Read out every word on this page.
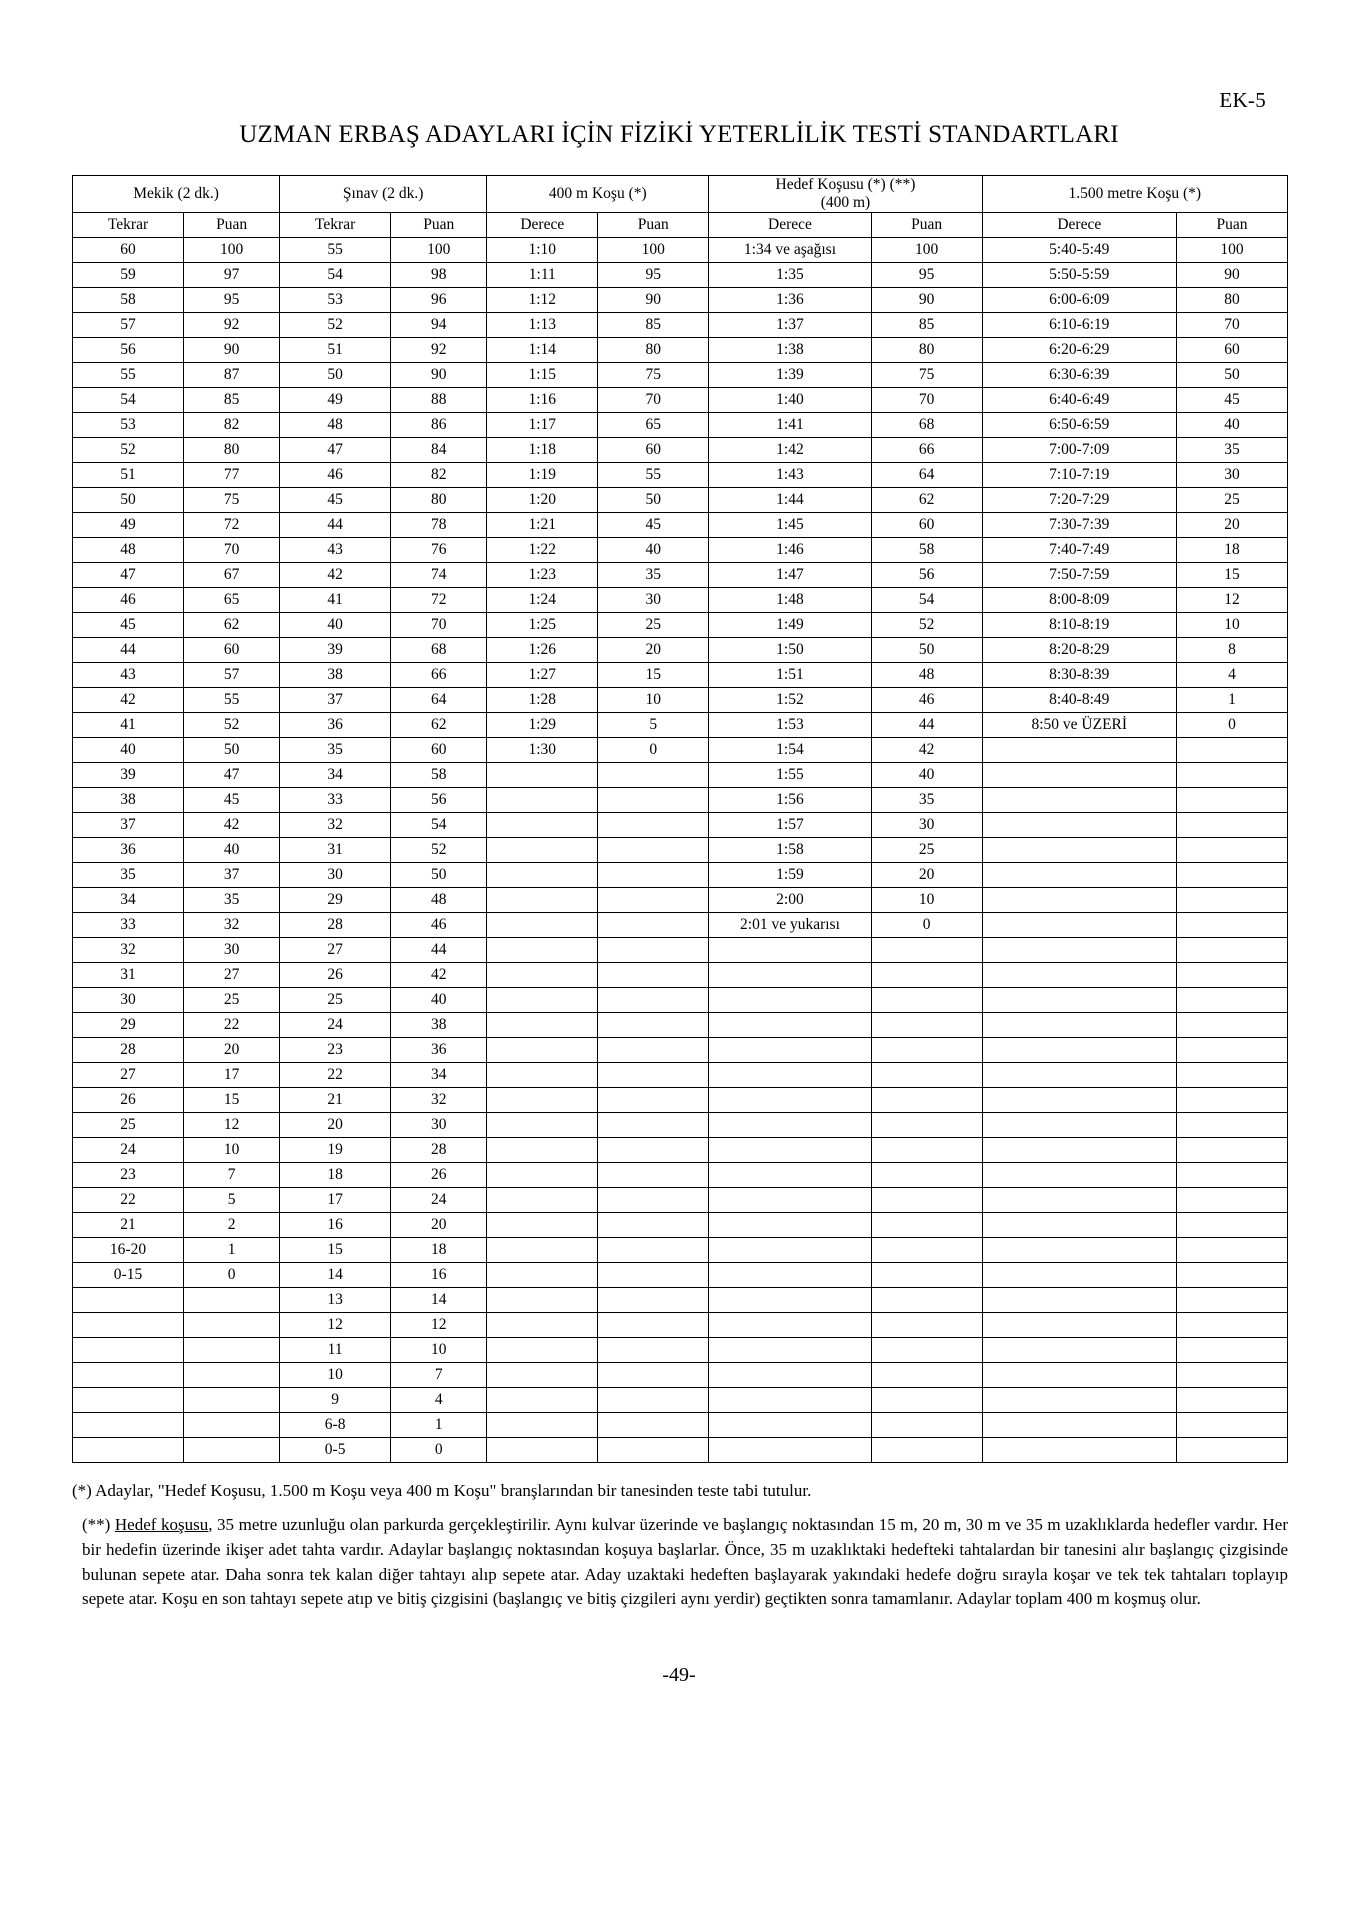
EK-5
UZMAN ERBAŞ ADAYLARI İÇİN FİZİKİ YETERLİLİK TESTİ STANDARTLARI
Mekik (2 dk.)		Şınav (2 dk.)		400 m Koşu (*)		Hedef Koşusu (*) (**)
(400 m)		1.500 metre Koşu (*)	
Tekrar	Puan	Tekrar	Puan	Derece	Puan	Derece	Puan	Derece	Puan
60	100	55	100	1:10	100	1:34 ve aşağısı	100	5:40-5:49	100
59	97	54	98	1:11	95	1:35	95	5:50-5:59	90
58	95	53	96	1:12	90	1:36	90	6:00-6:09	80
57	92	52	94	1:13	85	1:37	85	6:10-6:19	70
56	90	51	92	1:14	80	1:38	80	6:20-6:29	60
55	87	50	90	1:15	75	1:39	75	6:30-6:39	50
54	85	49	88	1:16	70	1:40	70	6:40-6:49	45
53	82	48	86	1:17	65	1:41	68	6:50-6:59	40
52	80	47	84	1:18	60	1:42	66	7:00-7:09	35
51	77	46	82	1:19	55	1:43	64	7:10-7:19	30
50	75	45	80	1:20	50	1:44	62	7:20-7:29	25
49	72	44	78	1:21	45	1:45	60	7:30-7:39	20
48	70	43	76	1:22	40	1:46	58	7:40-7:49	18
47	67	42	74	1:23	35	1:47	56	7:50-7:59	15
46	65	41	72	1:24	30	1:48	54	8:00-8:09	12
45	62	40	70	1:25	25	1:49	52	8:10-8:19	10
44	60	39	68	1:26	20	1:50	50	8:20-8:29	8
43	57	38	66	1:27	15	1:51	48	8:30-8:39	4
42	55	37	64	1:28	10	1:52	46	8:40-8:49	1
41	52	36	62	1:29	5	1:53	44	8:50 ve ÜZERİ	0
40	50	35	60	1:30	0	1:54	42		
39	47	34	58			1:55	40		
38	45	33	56			1:56	35		
37	42	32	54			1:57	30		
36	40	31	52			1:58	25		
35	37	30	50			1:59	20		
34	35	29	48			2:00	10		
33	32	28	46			2:01 ve yukarısı	0		
32	30	27	44						
31	27	26	42						
30	25	25	40						
29	22	24	38						
28	20	23	36						
27	17	22	34						
26	15	21	32						
25	12	20	30						
24	10	19	28						
23	7	18	26						
22	5	17	24						
21	2	16	20						
16-20	1	15	18						
0-15	0	14	16						
		13	14						
		12	12						
		11	10						
		10	7						
		9	4						
		6-8	1						
		0-5	0						

(*) Adaylar, "Hedef Koşusu, 1.500 m Koşu veya 400 m Koşu" branşlarından bir tanesinden teste tabi tutulur.

(**) Hedef koşusu, 35 metre uzunluğu olan parkurda gerçekleştirilir. Aynı kulvar üzerinde ve başlangıç noktasından 15 m, 20 m, 30 m ve 35 m uzaklıklarda hedefler vardır. Her bir hedefin üzerinde ikişer adet tahta vardır. Adaylar başlangıç noktasından koşuya başlarlar. Önce, 35 m uzaklıktaki hedefteki tahtalardan bir tanesini alır başlangıç çizgisinde bulunan sepete atar. Daha sonra tek kalan diğer tahtayı alıp sepete atar. Aday uzaktaki hedeften başlayarak yakındaki hedefe doğru sırayla koşar ve tek tek tahtaları toplayıp sepete atar. Koşu en son tahtayı sepete atıp ve bitiş çizgisini (başlangıç ve bitiş çizgileri aynı yerdir) geçtikten sonra tamamlanır. Adaylar toplam 400 m koşmuş olur.

-49-
